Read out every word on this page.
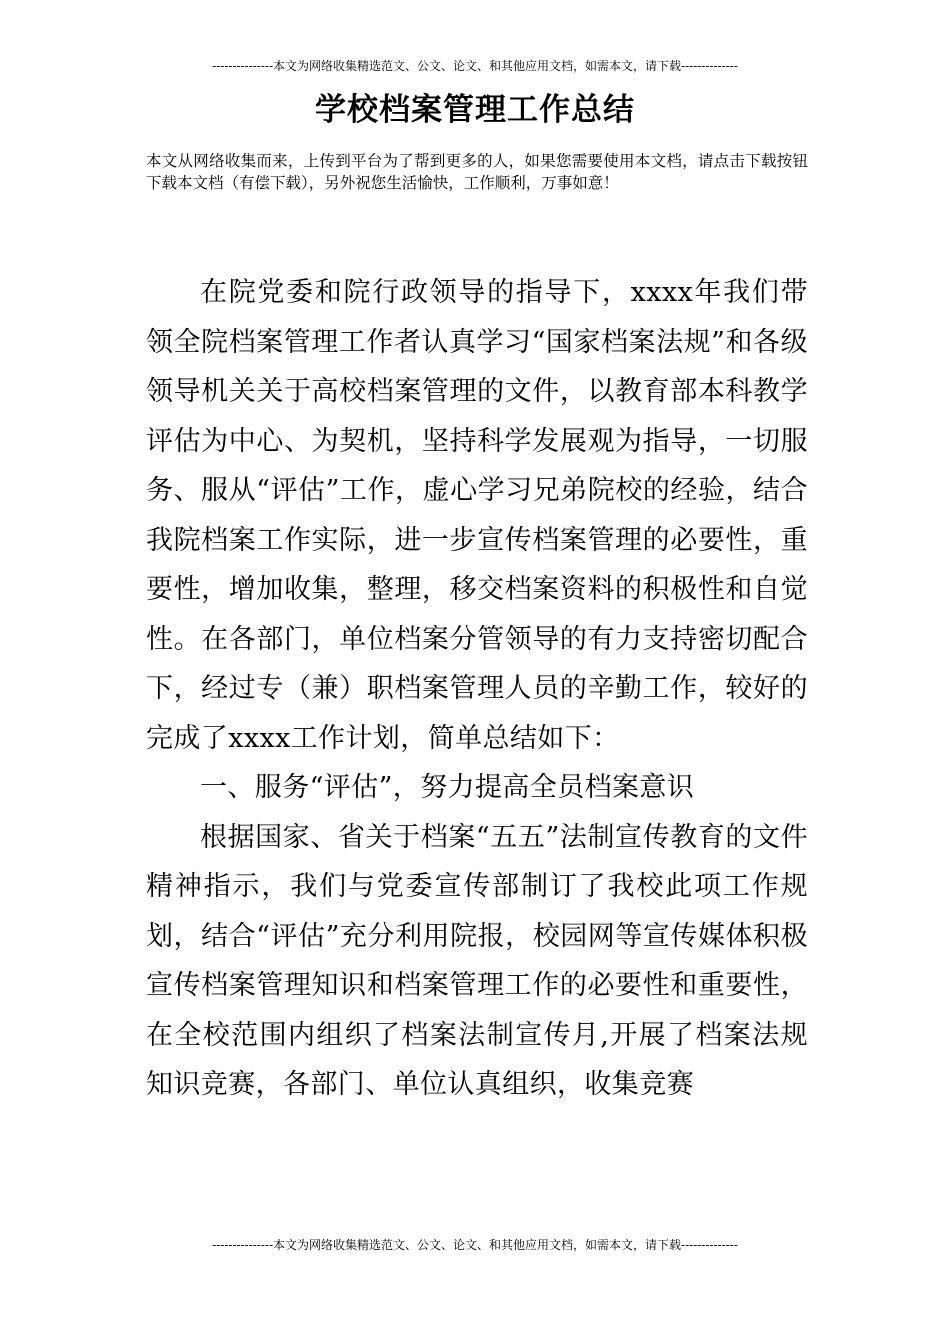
---------------本文为网络收集精选范文、公文、论文、和其他应用文档，如需本文，请下载--------------
学校档案管理工作总结
本文从网络收集而来，上传到平台为了帮到更多的人，如果您需要使用本文档，请点击下载按钮下载本文档（有偿下载），另外祝您生活愉快，工作顺利，万事如意！

在院党委和院行政领导的指导下，xxxx年我们带领全院档案管理工作者认真学习“国家档案法规”和各级领导机关关于高校档案管理的文件，以教育部本科教学评估为中心、为契机，坚持科学发展观为指导，一切服务、服从“评估”工作，虚心学习兄弟院校的经验，结合我院档案工作实际，进一步宣传档案管理的必要性，重要性，增加收集，整理，移交档案资料的积极性和自觉性。在各部门，单位档案分管领导的有力支持密切配合下，经过专（兼）职档案管理人员的辛勤工作，较好的完成了xxxx工作计划，简单总结如下：

一、服务“评估”，努力提高全员档案意识

根据国家、省关于档案“五五”法制宣传教育的文件精神指示，我们与党委宣传部制订了我校此项工作规划，结合“评估”充分利用院报，校园网等宣传媒体积极宣传档案管理知识和档案管理工作的必要性和重要性，在全校范围内组织了档案法制宣传月,开展了档案法规知识竞赛，各部门、单位认真组织，收集竞赛

---------------本文为网络收集精选范文、公文、论文、和其他应用文档，如需本文，请下载--------------
